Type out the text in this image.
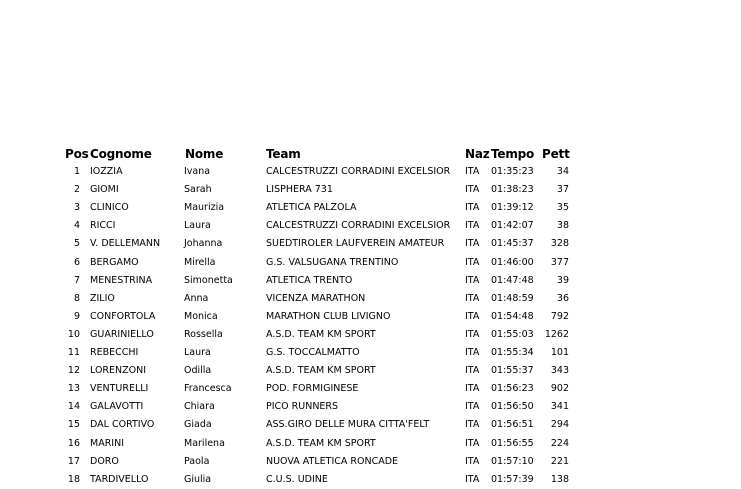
Pos Cognome	Nome	Team	Naz Tempo Pett
1 IOZZIA	Ivana	CALCESTRUZZI CORRADINI EXCELSIOR	ITA	01:35:23	34
2 GIOMI	Sarah	LISPHERA 731	ITA	01:38:23	37
3 CLINICO	Maurizia	ATLETICA PALZOLA	ITA	01:39:12	35
4 RICCI	Laura	CALCESTRUZZI CORRADINI EXCELSIOR	ITA	01:42:07	38
5 V. DELLEMANN	Johanna	SUEDTIROLER LAUFVEREIN AMATEUR	ITA	01:45:37	328
6 BERGAMO	Mirella	G.S. VALSUGANA TRENTINO	ITA	01:46:00	377
7 MENESTRINA	Simonetta	ATLETICA TRENTO	ITA	01:47:48	39
8 ZILIO	Anna	VICENZA MARATHON	ITA	01:48:59	36
9 CONFORTOLA	Monica	MARATHON CLUB LIVIGNO	ITA	01:54:48	792
10 GUARINIELLO	Rossella	A.S.D. TEAM KM SPORT	ITA	01:55:03	1262
11 REBECCHI	Laura	G.S. TOCCALMATTO	ITA	01:55:34	101
12 LORENZONI	Odilla	A.S.D. TEAM KM SPORT	ITA	01:55:37	343
13 VENTURELLI	Francesca	POD. FORMIGINESE	ITA	01:56:23	902
14 GALAVOTTI	Chiara	PICO RUNNERS	ITA	01:56:50	341
15 DAL CORTIVO	Giada	ASS.GIRO DELLE MURA CITTA'FELT	ITA	01:56:51	294
16 MARINI	Marilena	A.S.D. TEAM KM SPORT	ITA	01:56:55	224
17 DORO	Paola	NUOVA ATLETICA RONCADE	ITA	01:57:10	221
18 TARDIVELLO	Giulia	C.U.S. UDINE	ITA	01:57:39	138
